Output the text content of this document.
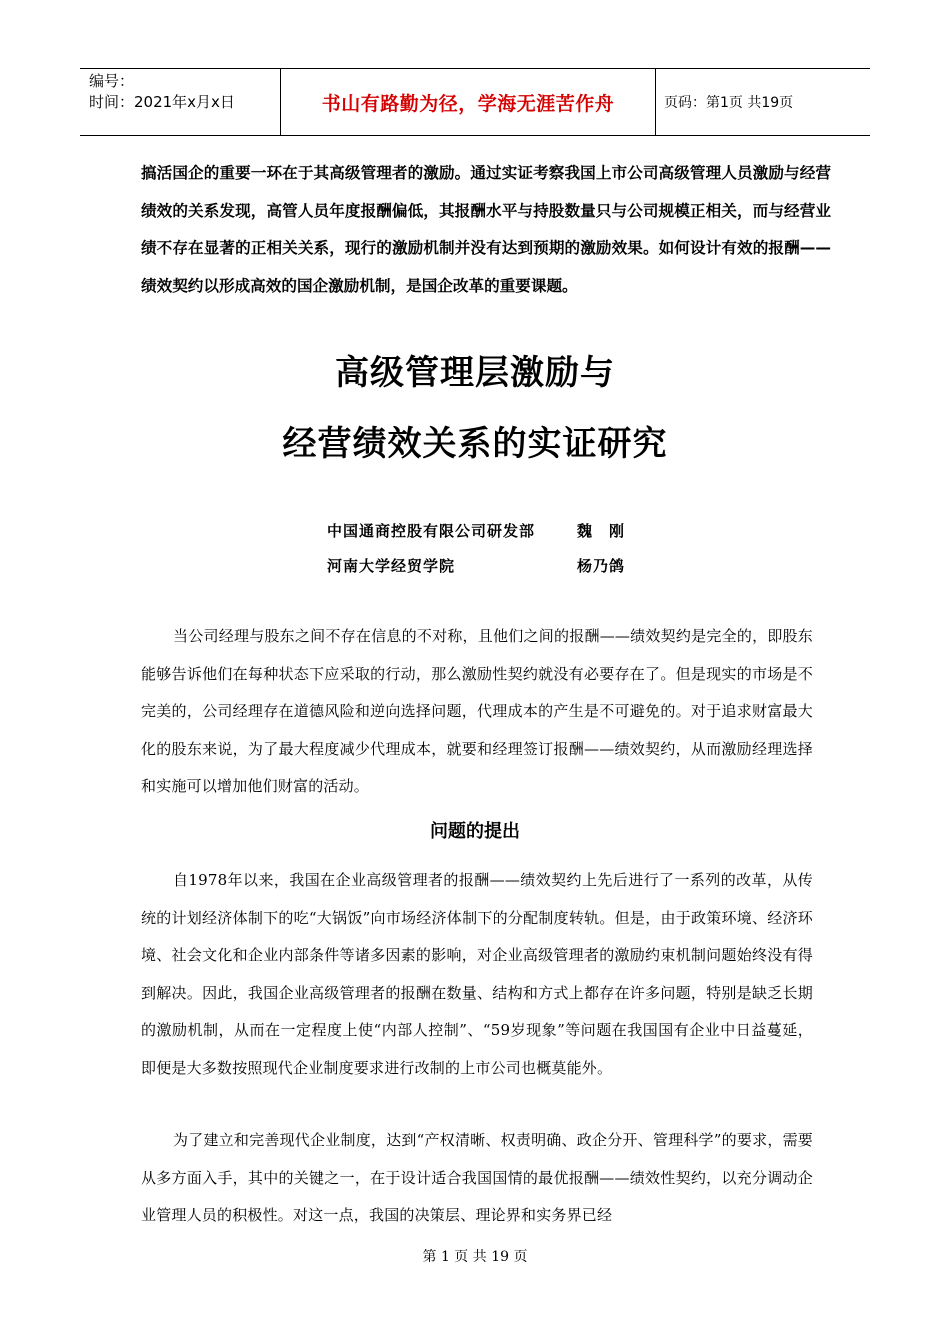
编号：
时间：2021年x月x日	书山有路勤为径，学海无涯苦作舟	页码：第1页 共19页
搞活国企的重要一环在于其高级管理者的激励。通过实证考察我国上市公司高级管理人员激励与经营绩效的关系发现，高管人员年度报酬偏低，其报酬水平与持股数量只与公司规模正相关，而与经营业绩不存在显著的正相关关系，现行的激励机制并没有达到预期的激励效果。如何设计有效的报酬——绩效契约以形成高效的国企激励机制，是国企改革的重要课题。
高级管理层激励与
经营绩效关系的实证研究
中国通商控股有限公司研发部	魏　刚
河南大学经贸学院	杨乃鸽
当公司经理与股东之间不存在信息的不对称，且他们之间的报酬——绩效契约是完全的，即股东能够告诉他们在每种状态下应采取的行动，那么激励性契约就没有必要存在了。但是现实的市场是不完美的，公司经理存在道德风险和逆向选择问题，代理成本的产生是不可避免的。对于追求财富最大化的股东来说，为了最大程度减少代理成本，就要和经理签订报酬——绩效契约，从而激励经理选择和实施可以增加他们财富的活动。
问题的提出
自1978年以来，我国在企业高级管理者的报酬——绩效契约上先后进行了一系列的改革，从传统的计划经济体制下的吃“大锅饭”向市场经济体制下的分配制度转轨。但是，由于政策环境、经济环境、社会文化和企业内部条件等诸多因素的影响，对企业高级管理者的激励约束机制问题始终没有得到解决。因此，我国企业高级管理者的报酬在数量、结构和方式上都存在许多问题，特别是缺乏长期的激励机制，从而在一定程度上使“内部人控制”、“59岁现象”等问题在我国国有企业中日益蔓延，即便是大多数按照现代企业制度要求进行改制的上市公司也概莫能外。
为了建立和完善现代企业制度，达到“产权清晰、权责明确、政企分开、管理科学”的要求，需要从多方面入手，其中的关键之一，在于设计适合我国国情的最优报酬——绩效性契约，以充分调动企业管理人员的积极性。对这一点，我国的决策层、理论界和实务界已经
第 1 页 共 19 页
